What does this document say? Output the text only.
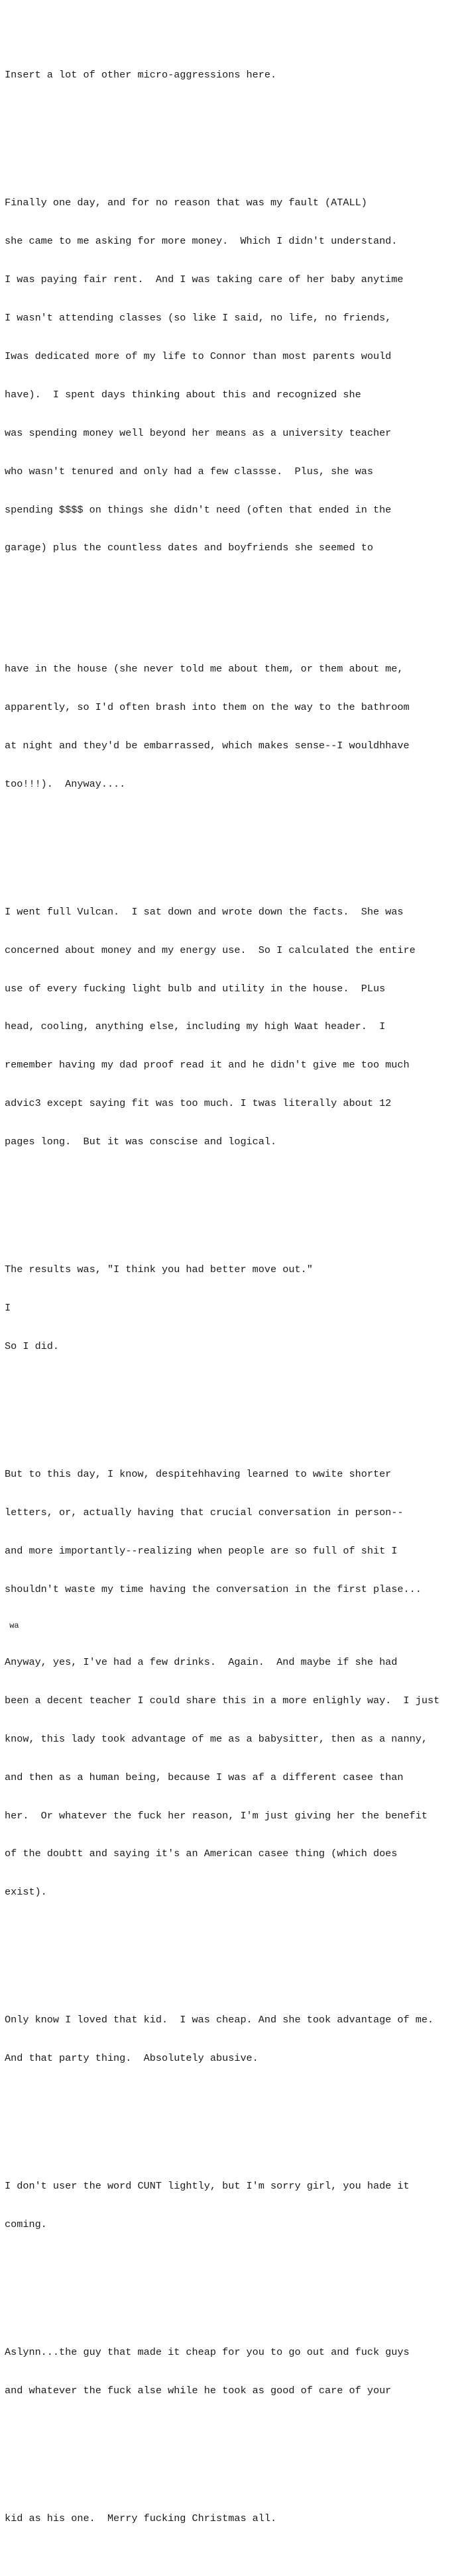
Insert a lot of other micro-aggressions here.

Finally one day, and for no reason that was my fault (ATALL)

she came to me asking for more money.  Which I didn't understand.

I was paying fair rent.  And I was taking care of her baby anytime

I wasn't attending classes (so like I said, no life, no friends,

Iwas dedicated more of my life to Connor than most parents would

have).  I spent days thinking about this and recognized she

was spending money well beyond her means as a university teacher

who wasn't tenured and only had a few classse.  Plus, she was

spending $$$$ on things she didn't need (often that ended in the

garage) plus the countless dates and boyfriends she seemed to

have in the house (she never told me about them, or them about me,

apparently, so I'd often brash into them on the way to the bathroom

at night and they'd be embarrassed, which makes sense--I wouldhhave

too!!!).  Anyway....

I went full Vulcan.  I sat down and wrote down the facts.  She was

concerned about money and my energy use.  So I calculated the entire

use of every fucking light bulb and utility in the house.  PLus

head, cooling, anything else, including my high Waat header.  I

remember having my dad proof read it and he didn't give me too much

advic3 except saying fit was too much. I twas literally about 12

pages long.  But it was conscise and logical.

The results was, "I think you had better move out."

I

So I did.

But to this day, I know, despitehhaving learned to wwite shorter

letters, or, actually having that crucial conversation in person--

and more importantly--realizing when people are so full of shit I

shouldn't waste my time having the conversation in the first plase...

wa

Anyway, yes, I've had a few drinks.  Again.  And maybe if she had

been a decent teacher I could share this in a more enlighly way.  I just

know, this lady took advantage of me as a babysitter, then as a nanny,

and then as a human being, because I was af a different casee than

her.  Or whatever the fuck her reason, I'm just giving her the benefit

of the doubtt and saying it's an American casee thing (which does

exist).

Only know I loved that kid.  I was cheap. And she took advantage of me.

And that party thing.  Absolutely abusive.

I don't user the word CUNT lightly, but I'm sorry girl, you hade it

coming.

Aslynn...the guy that made it cheap for you to go out and fuck guys

and whatever the fuck alse while he took as good of care of your

kid as his one.  Merry fucking Christmas all.
